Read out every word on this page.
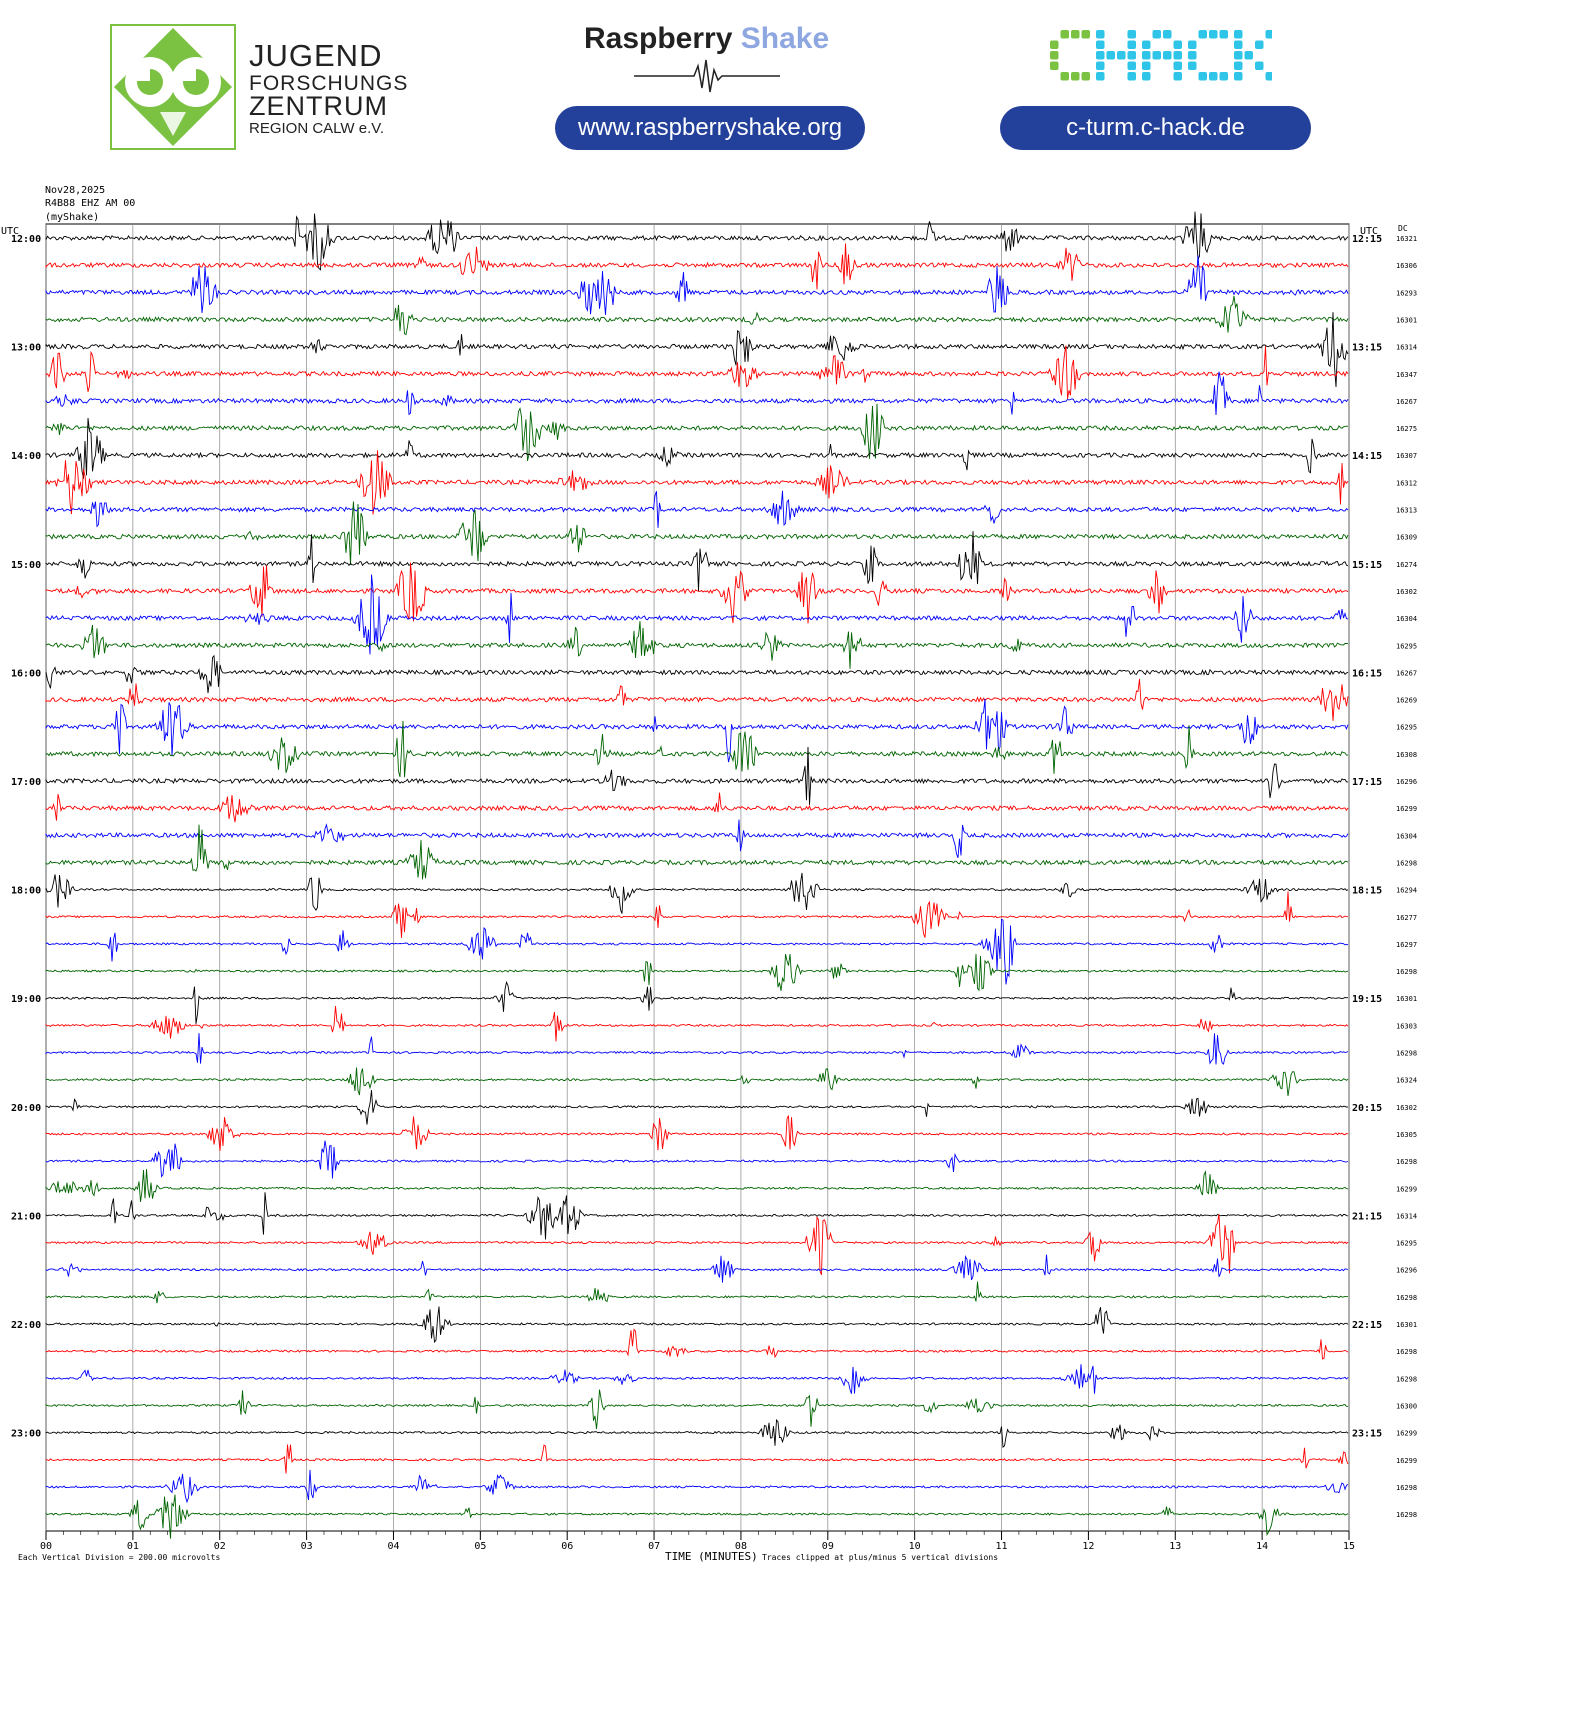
JUGEND
FORSCHUNGS
ZENTRUM
REGION CALW e.V.
Raspberry Shake
www.raspberryshake.org	c-turm.c-hack.de
Nov28,2025
R4B88 EHZ AM 00
(myShake)
UTC	UTC DC
00	01	02	03	04	05	06	07	08	09	10	11	12	13	14	15
16321
12:00	12:15
16306
16293
16301
16314
13:00	13:15
16347
16267
16275
16307
14:00	14:15
16312
16313
16309
16274
15:00	15:15
16302
16304
16295
16267
16:00	16:15
16269
16295
16308
16296
17:00	17:15
16299
16304
16298
16294
18:00	18:15
16277
16297
16298
16301
19:00	19:15
16303
16298
16324
16302
20:00	20:15
16305
16298
16299
16314
21:00	21:15
16295
16296
16298
16301
22:00	22:15
16298
16298
16300
16299
23:00	23:15
16299
16298
16298
TIME (MINUTES)
Each Vertical Division = 200.00 microvolts	Traces clipped at plus/minus 5 vertical divisions
